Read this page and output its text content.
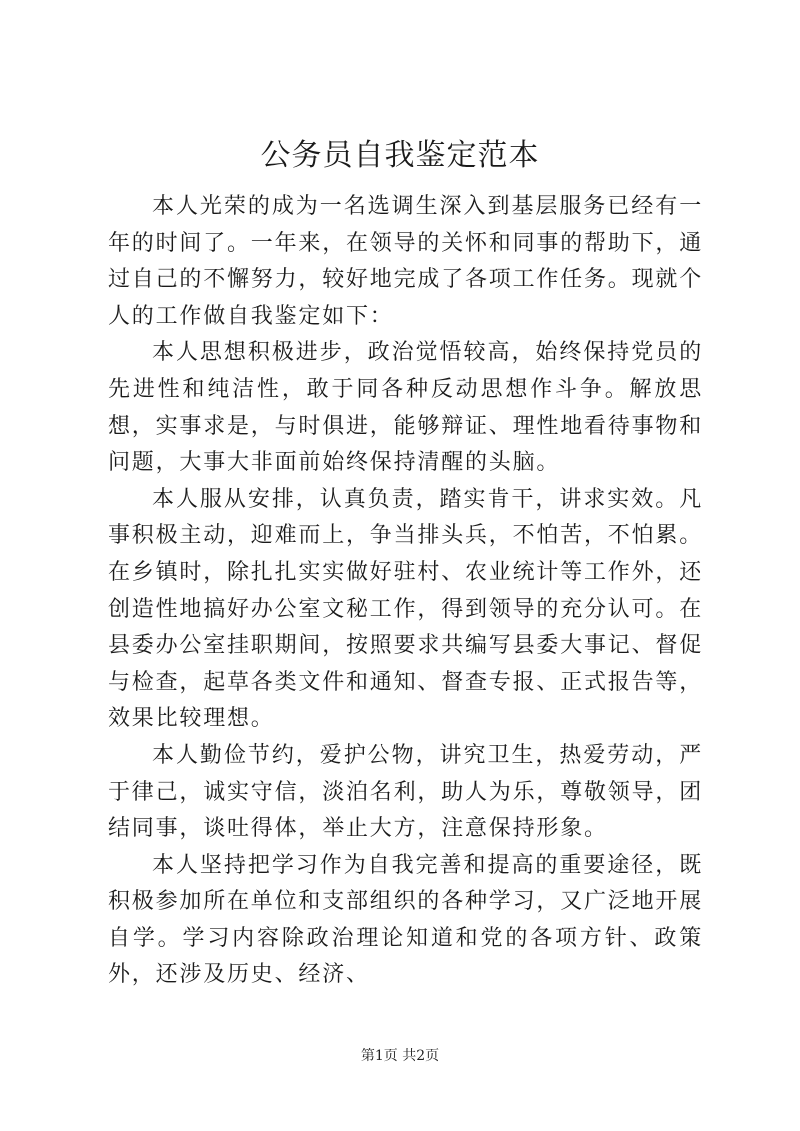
公务员自我鉴定范本

本人光荣的成为一名选调生深入到基层服务已经有一年的时间了。一年来，在领导的关怀和同事的帮助下，通过自己的不懈努力，较好地完成了各项工作任务。现就个人的工作做自我鉴定如下：

本人思想积极进步，政治觉悟较高，始终保持党员的先进性和纯洁性，敢于同各种反动思想作斗争。解放思想，实事求是，与时俱进，能够辩证、理性地看待事物和问题，大事大非面前始终保持清醒的头脑。

本人服从安排，认真负责，踏实肯干，讲求实效。凡事积极主动，迎难而上，争当排头兵，不怕苦，不怕累。在乡镇时，除扎扎实实做好驻村、农业统计等工作外，还创造性地搞好办公室文秘工作，得到领导的充分认可。在县委办公室挂职期间，按照要求共编写县委大事记、督促与检查，起草各类文件和通知、督查专报、正式报告等，效果比较理想。

本人勤俭节约，爱护公物，讲究卫生，热爱劳动，严于律己，诚实守信，淡泊名利，助人为乐，尊敬领导，团结同事，谈吐得体，举止大方，注意保持形象。

本人坚持把学习作为自我完善和提高的重要途径，既积极参加所在单位和支部组织的各种学习，又广泛地开展自学。学习内容除政治理论知道和党的各项方针、政策外，还涉及历史、经济、

第1页 共2页
